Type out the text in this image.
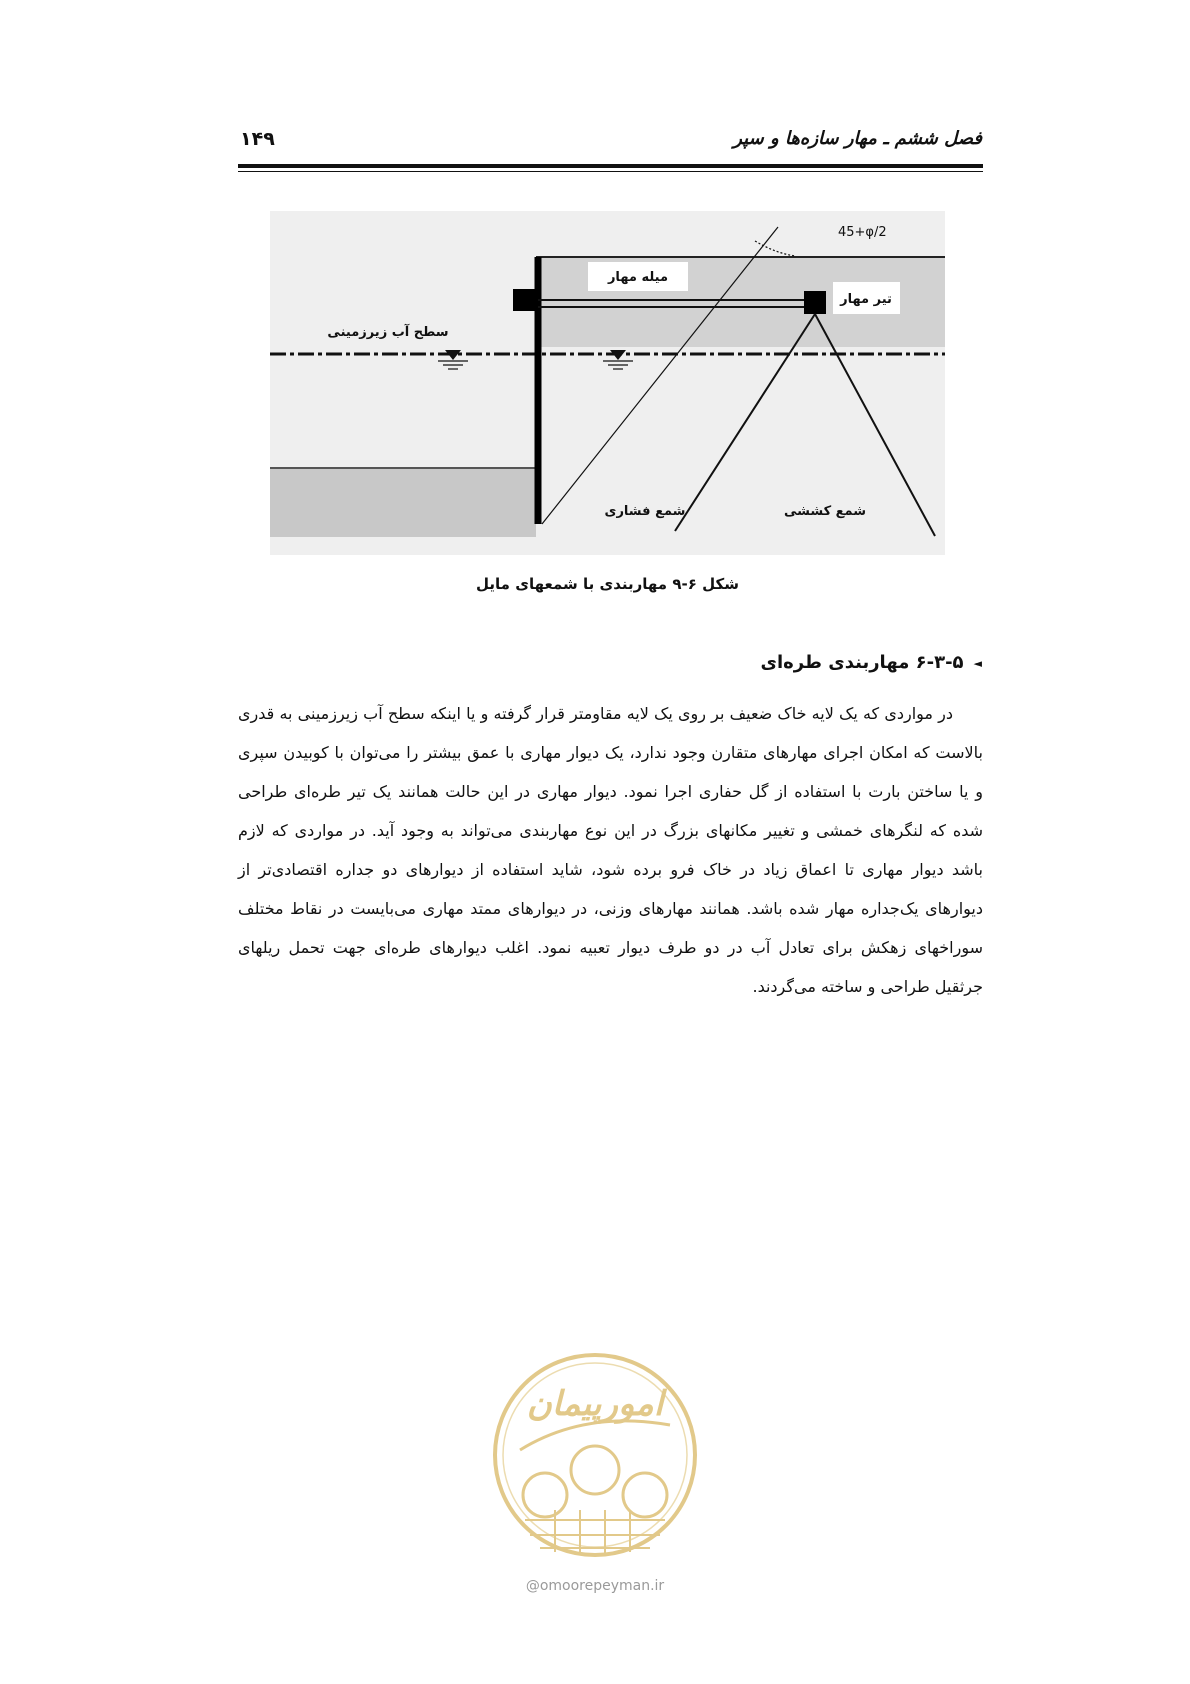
۱۴۹	فصل ششم ـ مهار سازه‌ها و سپر
45+φ/2
میله مهار
تیر مهار
سطح آب زیرزمینی
شمع فشاری	شمع کششی
شکل ۶-۹ مهاربندی با شمعهای مایل
◄۶-۳-۵ مهاربندی طره‌ای

در مواردی که یک لایه خاک ضعیف بر روی یک لایه مقاومتر قرار گرفته و یا اینکه سطح آب زیرزمینی به قدری بالاست که امکان اجرای مهارهای متقارن وجود ندارد، یک دیوار مهاری با عمق بیشتر را می‌توان با کوبیدن سپری و یا ساختن بارت با استفاده از گل حفاری اجرا نمود. دیوار مهاری در این حالت همانند یک تیر طره‌ای طراحی شده که لنگرهای خمشی و تغییر مکانهای بزرگ در این نوع مهاربندی می‌تواند به وجود آید. در مواردی که لازم باشد دیوار مهاری تا اعماق زیاد در خاک فرو برده شود، شاید استفاده از دیوارهای دو جداره اقتصادی‌تر از دیوارهای یک‌جداره مهار شده باشد. همانند مهارهای وزنی، در دیوارهای ممتد مهاری می‌بایست در نقاط مختلف سوراخهای زهکش برای تعادل آب در دو طرف دیوار تعبیه نمود. اغلب دیوارهای طره‌ای جهت تحمل ریلهای جرثقیل طراحی و ساخته می‌گردند.

امورپیمان
@omoorepeyman.ir
